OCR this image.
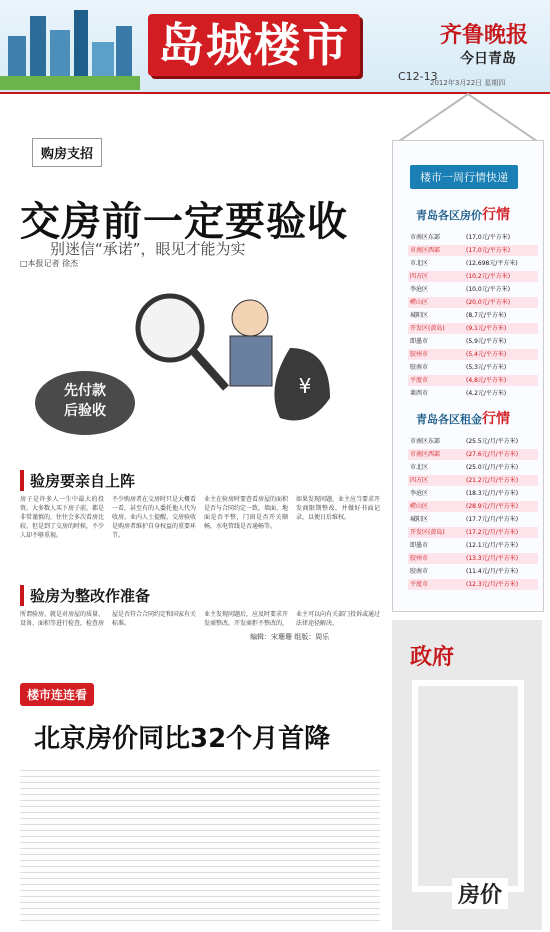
岛城楼市
C12-13
齐鲁晚报
今日青岛
2012年3月22日 星期四
购房支招
交房前一定要验收
别迷信“承诺”，眼见才能为实
□本报记者 徐杰
先付款
后验收
¥
验房要亲自上阵

房子是许多人一生中最大的投资，大多数人买下房子前，都是非常谨慎的，往往会多次看房比较。但是到了交房的时候，不少人却不够重视。

不少购房者在交房时只是大概看一看，甚至有的人委托他人代为收房。业内人士提醒，交房验收是购房者维护自身权益的重要环节。

业主在验房时要查看房屋的面积是否与合同约定一致，墙面、地面是否平整，门窗是否开关顺畅，水电管线是否通畅等。

如果发现问题，业主应当要求开发商限期整改，并做好书面记录，以便日后维权。

验房为整改作准备

所谓验房，就是对房屋的质量、设备、面积等进行检查，检查房屋是否符合合同约定和国家有关标准。

业主发现问题后，应及时要求开发商整改。开发商拒不整改的，业主可以向有关部门投诉或通过法律途径解决。

编辑：宋珊珊 组版：周乐
楼市连连看
北京房价同比32个月首降
楼市一周行情快递
青岛各区房价行情
市南区东部	(17,0元/平方米)
市南区西部	(17,0元/平方米)
市北区	(12,698元/平方米)
四方区	(10,2元/平方米)
李沧区	(10,0元/平方米)
崂山区	(20,0元/平方米)
城阳区	(8,7元/平方米)
开发区(黄岛)	(9,1元/平方米)
即墨市	(5,9元/平方米)
胶州市	(5,4元/平方米)
胶南市	(5,3元/平方米)
平度市	(4,8元/平方米)
莱西市	(4,2元/平方米)
青岛各区租金行情
市南区东部	(25.5元/月/平方米)
市南区西部	(27.6元/月/平方米)
市北区	(25.0元/月/平方米)
四方区	(21.2元/月/平方米)
李沧区	(18.3元/月/平方米)
崂山区	(28.9元/月/平方米)
城阳区	(17.7元/月/平方米)
开发区(黄岛)	(17.2元/月/平方米)
即墨市	(12.1元/月/平方米)
胶州市	(13.3元/月/平方米)
胶南市	(11.4元/月/平方米)
平度市	(12.3元/月/平方米)
政府
房价
